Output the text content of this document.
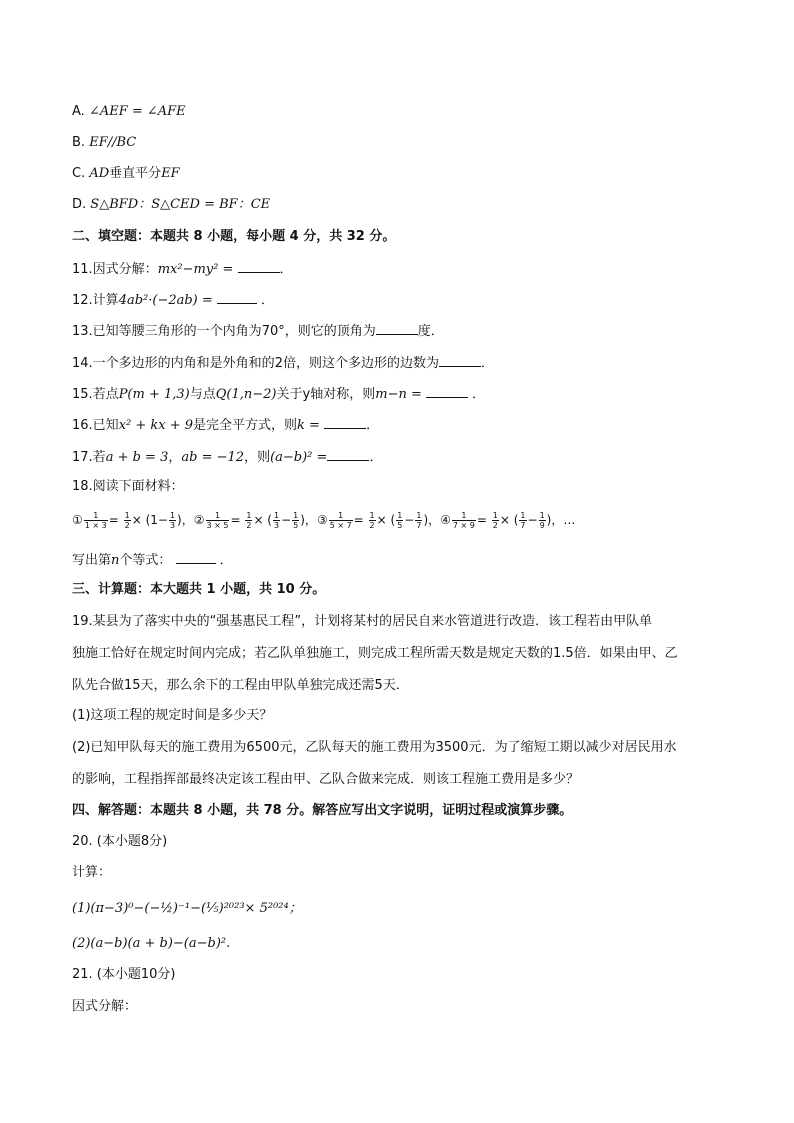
A. ∠AEF = ∠AFE
B. EF//BC
C. AD垂直平分EF
D. S△BFD：S△CED = BF：CE
二、填空题：本题共 8 小题，每小题 4 分，共 32 分。
11.因式分解：mx²−my² =	．
12.计算4ab²·(−2ab) =	．
13.已知等腰三角形的一个内角为70°，则它的顶角为	度．
14.一个多边形的内角和是外角和的2倍，则这个多边形的边数为	．
15.若点P(m + 1,3)与点Q(1,n−2)关于y轴对称，则m−n =	．
16.已知x² + kx + 9是完全平方式，则k =	．
17.若a + b = 3，ab = −12，则(a−b)² =	．
18.阅读下面材料：
① $\frac{1}{1 \times 3} = \frac{1}{2} \times (1- \frac{1}{3}$ )，② $\frac{1}{3 \times 5} = \frac{1}{2}$ × ( $\frac{1}{3} - \frac{1}{5}$ )，③ $\frac{1}{5 \times 7} = \frac{1}{2}$ × ( $\frac{1}{5} - \frac{1}{7}$ )，④ $\frac{1}{7 \times 9} = \frac{1}{2}$ × ( $\frac{1}{7} - \frac{1}{9}$ )，…
写出第n个等式：	．
三、计算题：本大题共 1 小题，共 10 分。
19.某县为了落实中央的“强基惠民工程”，计划将某村的居民自来水管道进行改造．该工程若由甲队单
独施工恰好在规定时间内完成；若乙队单独施工，则完成工程所需天数是规定天数的1.5倍．如果由甲、乙
队先合做15天，那么余下的工程由甲队单独完成还需5天．
(1)这项工程的规定时间是多少天？
(2)已知甲队每天的施工费用为6500元，乙队每天的施工费用为3500元．为了缩短工期以减少对居民用水
的影响，工程指挥部最终决定该工程由甲、乙队合做来完成．则该工程施工费用是多少？
四、解答题：本题共 8 小题，共 78 分。解答应写出文字说明，证明过程或演算步骤。
20. (本小题8分)
计算：
(1)(π−3)⁰−(−½)⁻¹−(⅕)²⁰²³× 5²⁰²⁴；
(2)(a−b)(a + b)−(a−b)².
21. (本小题10分)
因式分解：
